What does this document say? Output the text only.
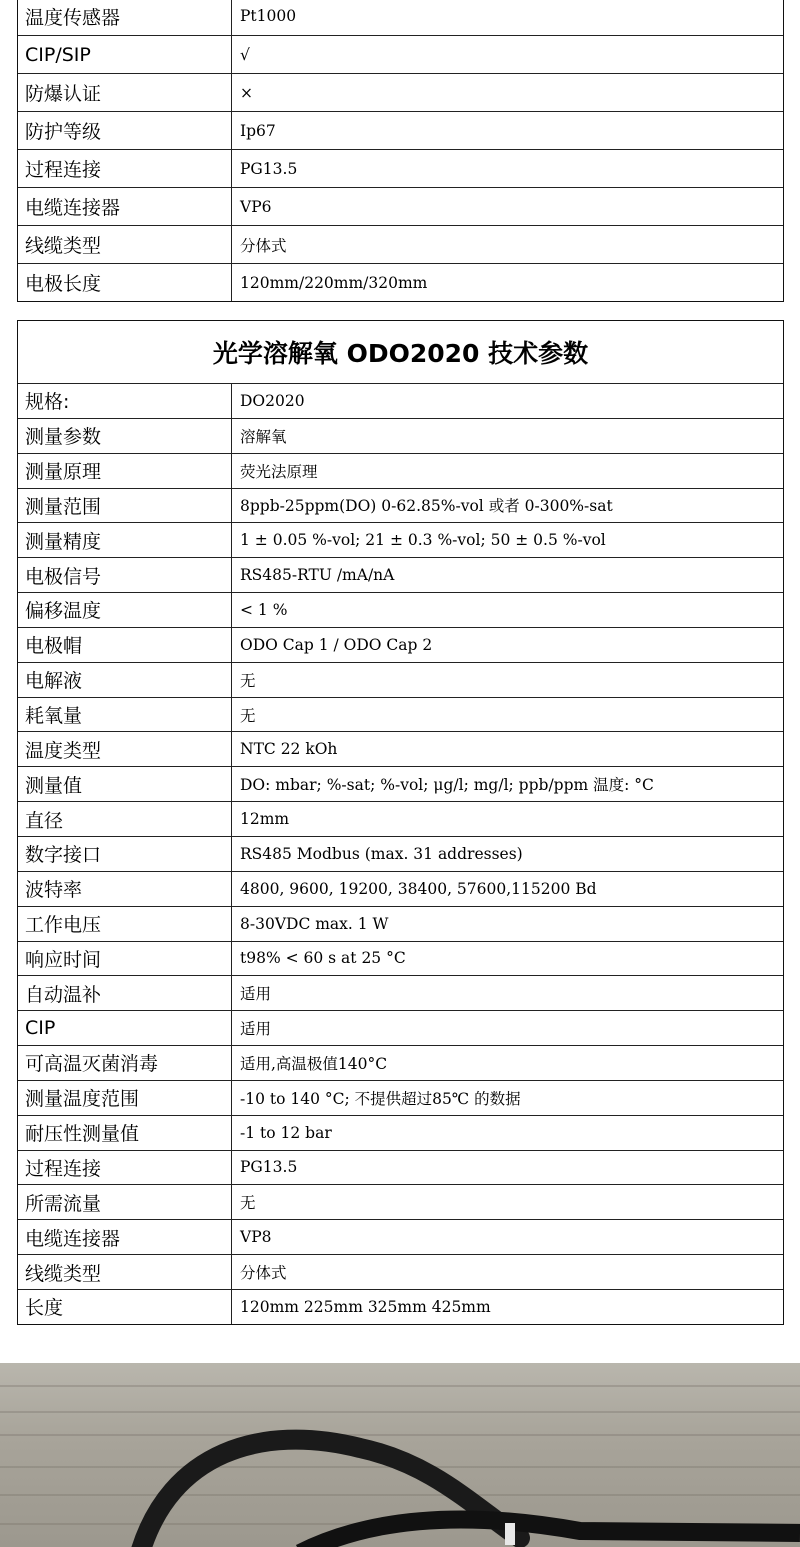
温度传感器	Pt1000
CIP/SIP	√
防爆认证	×
防护等级	Ip67
过程连接	PG13.5
电缆连接器	VP6
线缆类型	分体式
电极长度	120mm/220mm/320mm
光学溶解氧 ODO2020 技术参数
规格:	DO2020
测量参数	溶解氧
测量原理	荧光法原理
测量范围	8ppb-25ppm(DO) 0-62.85%-vol 或者 0-300%-sat
测量精度	1 ± 0.05 %-vol; 21 ± 0.3 %-vol; 50 ± 0.5 %-vol
电极信号	RS485-RTU /mA/nA
偏移温度	< 1 %
电极帽	ODO Cap 1 / ODO Cap 2
电解液	无
耗氧量	无
温度类型	NTC 22 kOh
测量值	DO: mbar; %-sat; %-vol; μg/l; mg/l; ppb/ppm 温度: °C
直径	12mm
数字接口	RS485 Modbus (max. 31 addresses)
波特率	4800, 9600, 19200, 38400, 57600,115200 Bd
工作电压	8-30VDC max. 1 W
响应时间	t98% < 60 s at 25 °C
自动温补	适用
CIP	适用
可高温灭菌消毒	适用,高温极值140°C
测量温度范围	-10 to 140 °C; 不提供超过85℃ 的数据
耐压性测量值	-1 to 12 bar
过程连接	PG13.5
所需流量	无
电缆连接器	VP8
线缆类型	分体式
长度	120mm 225mm 325mm 425mm
